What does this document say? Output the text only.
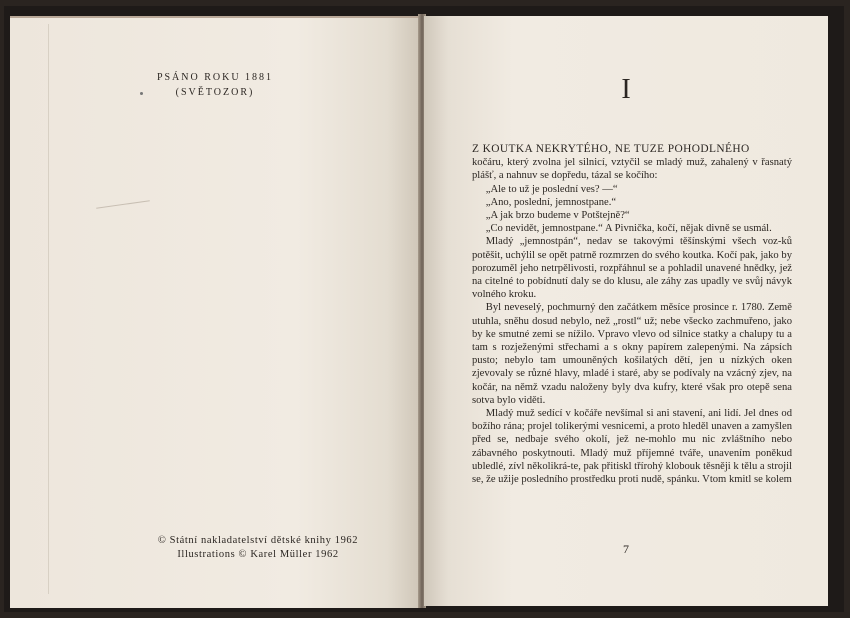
PSÁNO ROKU 1881
(SVĚTOZOR)
© Státní nakladatelství dětské knihy 1962
Illustrations © Karel Müller 1962
I
Z KOUTKA NEKRYTÉHO, NE TUZE POHODLNÉHO

kočáru, který zvolna jel silnicí, vztyčil se mladý muž, zahalený v řasnatý plášť, a nahnuv se dopředu, tázal se kočího:

„Ale to už je poslední ves? —“

„Ano, poslední, jemnostpane.“

„A jak brzo budeme v Potštejně?“

„Co nevidět, jemnostpane.“ A Pivnička, kočí, nějak divně se usmál.

Mladý „jemnostpán“, nedav se takovými těšínskými všech voz-ků potěšit, uchýlil se opět patrně rozmrzen do svého koutka. Kočí pak, jako by porozuměl jeho netrpělivosti, rozpřáhnul se a pohladil unavené hnědky, jež na citelné to pobídnutí daly se do klusu, ale záhy zas upadly ve svůj návyk volného kroku.

Byl neveselý, pochmurný den začátkem měsíce prosince r. 1780. Země utuhla, sněhu dosud nebylo, než „rostl“ už; nebe všecko zachmuřeno, jako by ke smutné zemi se nížilo. Vpravo vlevo od silnice statky a chalupy tu a tam s rozježenými střechami a s okny papírem zalepenými. Na zápsích pusto; nebylo tam umouněných košilatých dětí, jen u nízkých oken zjevovaly se různé hlavy, mladé i staré, aby se podívaly na vzácný zjev, na kočár, na němž vzadu naloženy byly dva kufry, které však pro otepě sena sotva bylo viděti.

Mladý muž sedící v kočáře nevšímal si ani stavení, ani lidí. Jel dnes od božího rána; projel tolikerými vesnicemi, a proto hleděl unaven a zamyšlen před se, nedbaje svého okolí, jež ne-mohlo mu nic zvláštního nebo zábavného poskytnouti. Mladý muž příjemné tváře, unavením poněkud ubledlé, zívl několikrá-te, pak přitiskl třírohý klobouk těsněji k tělu a strojil se, že užije posledního prostředku proti nudě, spánku. Vtom kmitl se kolem

7
